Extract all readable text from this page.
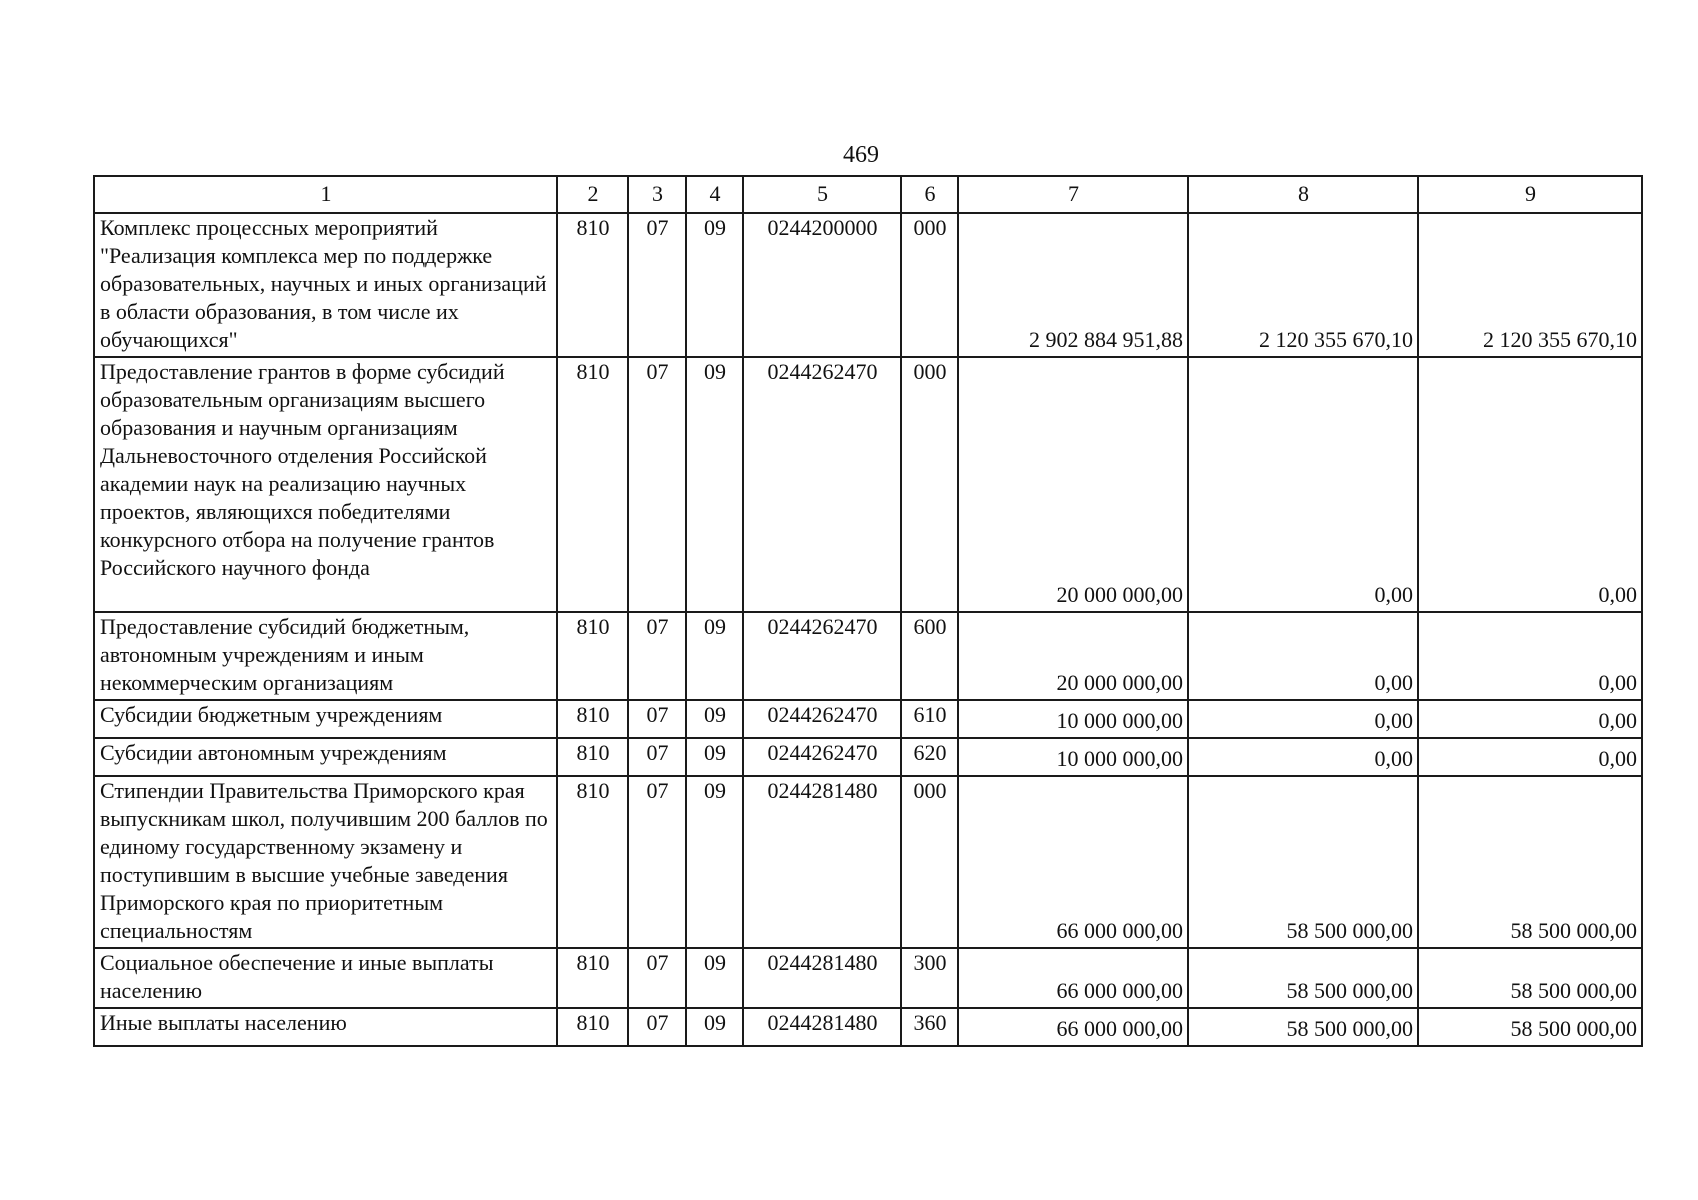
469
1	2	3	4	5	6	7	8	9
Комплекс процессных мероприятий "Реализация комплекса мер по поддержке образовательных, научных и иных организаций в области образования, в том числе их обучающихся"	810	07	09	0244200000	000	2 902 884 951,88	2 120 355 670,10	2 120 355 670,10
Предоставление грантов в форме субсидий образовательным организациям высшего образования и научным организациям Дальневосточного отделения Российской академии наук на реализацию научных проектов, являющихся победителями конкурсного отбора на получение грантов Российского научного фонда	810	07	09	0244262470	000	20 000 000,00	0,00	0,00
Предоставление субсидий бюджетным, автономным учреждениям и иным некоммерческим организациям	810	07	09	0244262470	600	20 000 000,00	0,00	0,00
Субсидии бюджетным учреждениям	810	07	09	0244262470	610	10 000 000,00	0,00	0,00
Субсидии автономным учреждениям	810	07	09	0244262470	620	10 000 000,00	0,00	0,00
Стипендии Правительства Приморского края выпускникам школ, получившим 200 баллов по единому государственному экзамену и поступившим в высшие учебные заведения Приморского края по приоритетным специальностям	810	07	09	0244281480	000	66 000 000,00	58 500 000,00	58 500 000,00
Социальное обеспечение и иные выплаты населению	810	07	09	0244281480	300	66 000 000,00	58 500 000,00	58 500 000,00
Иные выплаты населению	810	07	09	0244281480	360	66 000 000,00	58 500 000,00	58 500 000,00
